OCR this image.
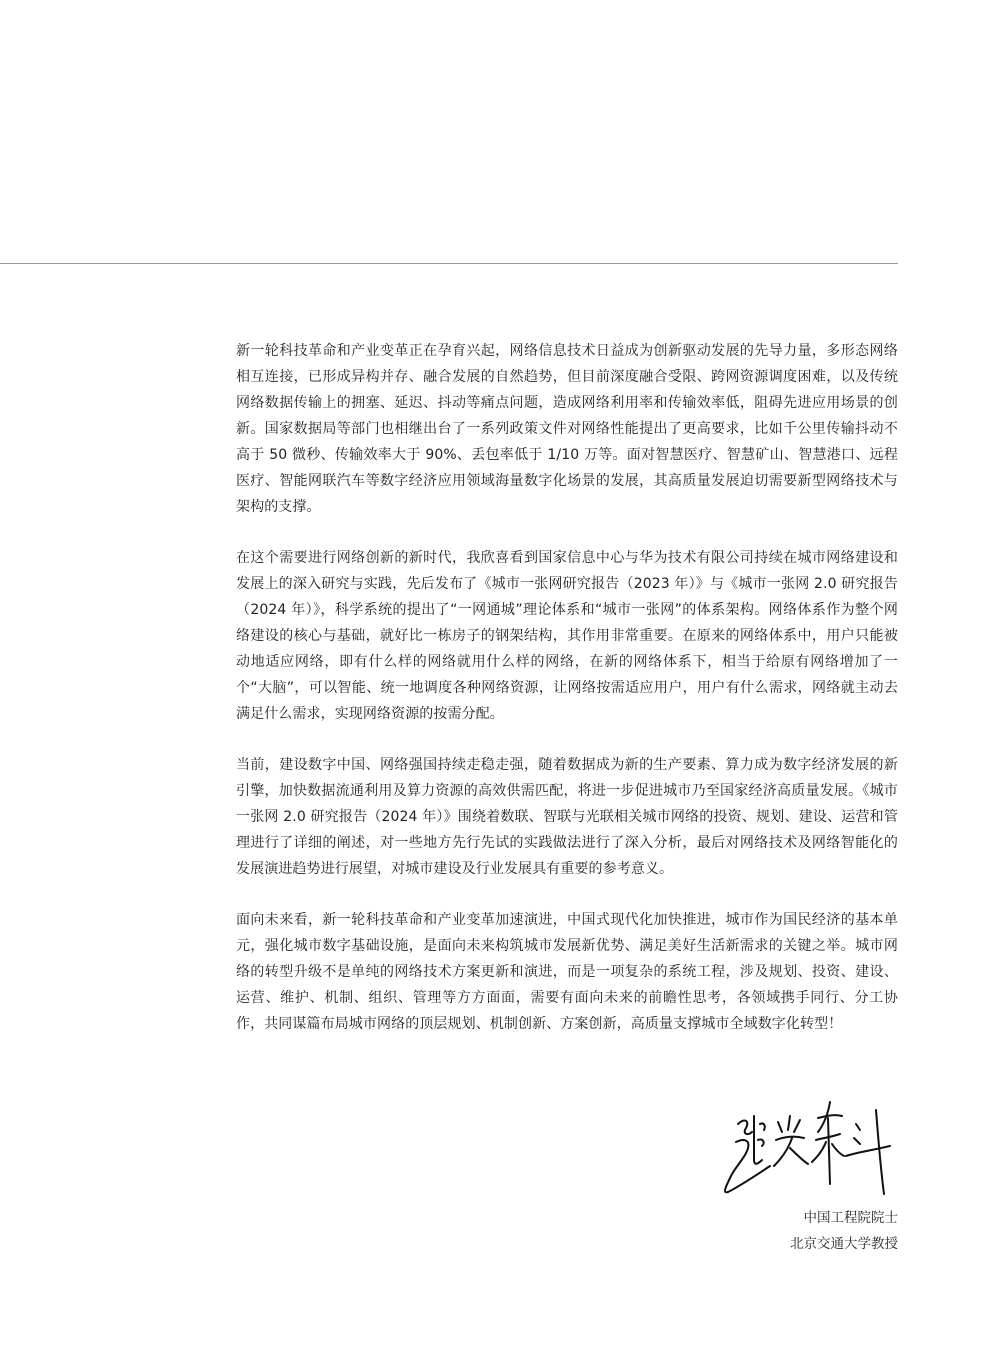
新一轮科技革命和产业变革正在孕育兴起，网络信息技术日益成为创新驱动发展的先导力量，多形态网络相互连接，已形成异构并存、融合发展的自然趋势，但目前深度融合受限、跨网资源调度困难，以及传统网络数据传输上的拥塞、延迟、抖动等痛点问题，造成网络利用率和传输效率低，阻碍先进应用场景的创新。国家数据局等部门也相继出台了一系列政策文件对网络性能提出了更高要求，比如千公里传输抖动不高于 50 微秒、传输效率大于 90%、丢包率低于 1/10 万等。面对智慧医疗、智慧矿山、智慧港口、远程医疗、智能网联汽车等数字经济应用领域海量数字化场景的发展，其高质量发展迫切需要新型网络技术与架构的支撑。

在这个需要进行网络创新的新时代，我欣喜看到国家信息中心与华为技术有限公司持续在城市网络建设和发展上的深入研究与实践，先后发布了《城市一张网研究报告（2023 年）》与《城市一张网 2.0 研究报告（2024 年）》，科学系统的提出了“一网通城”理论体系和“城市一张网”的体系架构。网络体系作为整个网络建设的核心与基础，就好比一栋房子的钢架结构，其作用非常重要。在原来的网络体系中，用户只能被动地适应网络，即有什么样的网络就用什么样的网络，在新的网络体系下，相当于给原有网络增加了一个“大脑”，可以智能、统一地调度各种网络资源，让网络按需适应用户，用户有什么需求，网络就主动去满足什么需求，实现网络资源的按需分配。

当前，建设数字中国、网络强国持续走稳走强，随着数据成为新的生产要素、算力成为数字经济发展的新引擎，加快数据流通利用及算力资源的高效供需匹配，将进一步促进城市乃至国家经济高质量发展。《城市一张网 2.0 研究报告（2024 年）》围绕着数联、智联与光联相关城市网络的投资、规划、建设、运营和管理进行了详细的阐述，对一些地方先行先试的实践做法进行了深入分析，最后对网络技术及网络智能化的发展演进趋势进行展望，对城市建设及行业发展具有重要的参考意义。

面向未来看，新一轮科技革命和产业变革加速演进，中国式现代化加快推进，城市作为国民经济的基本单元，强化城市数字基础设施，是面向未来构筑城市发展新优势、满足美好生活新需求的关键之举。城市网络的转型升级不是单纯的网络技术方案更新和演进，而是一项复杂的系统工程，涉及规划、投资、建设、运营、维护、机制、组织、管理等方方面面，需要有面向未来的前瞻性思考，各领域携手同行、分工协作，共同谋篇布局城市网络的顶层规划、机制创新、方案创新，高质量支撑城市全域数字化转型！

中国工程院院士
北京交通大学教授
